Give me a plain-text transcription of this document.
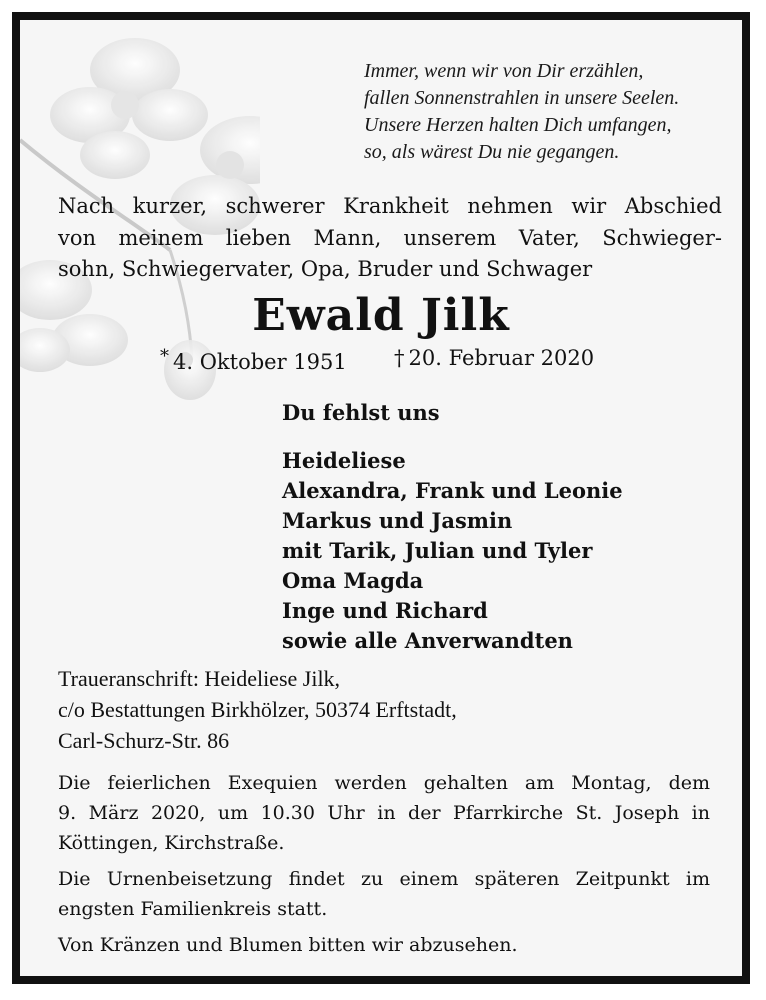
Immer, wenn wir von Dir erzählen,
fallen Sonnenstrahlen in unsere Seelen.
Unsere Herzen halten Dich umfangen,
so, als wärest Du nie gegangen.
Nach kurzer, schwerer Krankheit nehmen wir Abschied
von meinem lieben Mann, unserem Vater, Schwieger-
sohn, Schwiegervater, Opa, Bruder und Schwager
Ewald Jilk
* 4. Oktober 1951 † 20. Februar 2020
Du fehlst uns
Heideliese
Alexandra, Frank und Leonie
Markus und Jasmin
mit Tarik, Julian und Tyler
Oma Magda
Inge und Richard
sowie alle Anverwandten
Traueranschrift: Heideliese Jilk,
c/o Bestattungen Birkhölzer, 50374 Erftstadt,
Carl-Schurz-Str. 86
Die feierlichen Exequien werden gehalten am Montag, dem
9. März 2020, um 10.30 Uhr in der Pfarrkirche St. Joseph in
Köttingen, Kirchstraße.
Die Urnenbeisetzung findet zu einem späteren Zeitpunkt im
engsten Familienkreis statt.
Von Kränzen und Blumen bitten wir abzusehen.
